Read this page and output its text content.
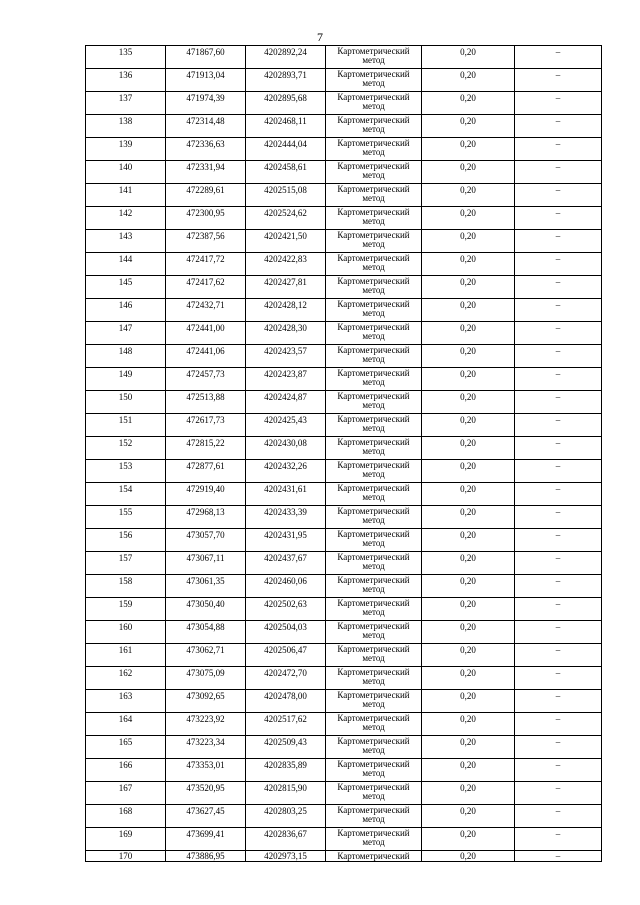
7
135	471867,60	4202892,24	Картометрический метод	0,20	–

136	471913,04	4202893,71	Картометрический метод	0,20	–

137	471974,39	4202895,68	Картометрический метод	0,20	–

138	472314,48	4202468,11	Картометрический метод	0,20	–

139	472336,63	4202444,04	Картометрический метод	0,20	–

140	472331,94	4202458,61	Картометрический метод	0,20	–

141	472289,61	4202515,08	Картометрический метод	0,20	–

142	472300,95	4202524,62	Картометрический метод	0,20	–

143	472387,56	4202421,50	Картометрический метод	0,20	–

144	472417,72	4202422,83	Картометрический метод	0,20	–

145	472417,62	4202427,81	Картометрический метод	0,20	–

146	472432,71	4202428,12	Картометрический метод	0,20	–

147	472441,00	4202428,30	Картометрический метод	0,20	–

148	472441,06	4202423,57	Картометрический метод	0,20	–

149	472457,73	4202423,87	Картометрический метод	0,20	–

150	472513,88	4202424,87	Картометрический метод	0,20	–

151	472617,73	4202425,43	Картометрический метод	0,20	–

152	472815,22	4202430,08	Картометрический метод	0,20	–

153	472877,61	4202432,26	Картометрический метод	0,20	–

154	472919,40	4202431,61	Картометрический метод	0,20	–

155	472968,13	4202433,39	Картометрический метод	0,20	–

156	473057,70	4202431,95	Картометрический метод	0,20	–

157	473067,11	4202437,67	Картометрический метод	0,20	–

158	473061,35	4202460,06	Картометрический метод	0,20	–

159	473050,40	4202502,63	Картометрический метод	0,20	–

160	473054,88	4202504,03	Картометрический метод	0,20	–

161	473062,71	4202506,47	Картометрический метод	0,20	–

162	473075,09	4202472,70	Картометрический метод	0,20	–

163	473092,65	4202478,00	Картометрический метод	0,20	–

164	473223,92	4202517,62	Картометрический метод	0,20	–

165	473223,34	4202509,43	Картометрический метод	0,20	–

166	473353,01	4202835,89	Картометрический метод	0,20	–

167	473520,95	4202815,90	Картометрический метод	0,20	–

168	473627,45	4202803,25	Картометрический метод	0,20	–

169	473699,41	4202836,67	Картометрический метод	0,20	–

170	473886,95	4202973,15	Картометрический	0,20	–
